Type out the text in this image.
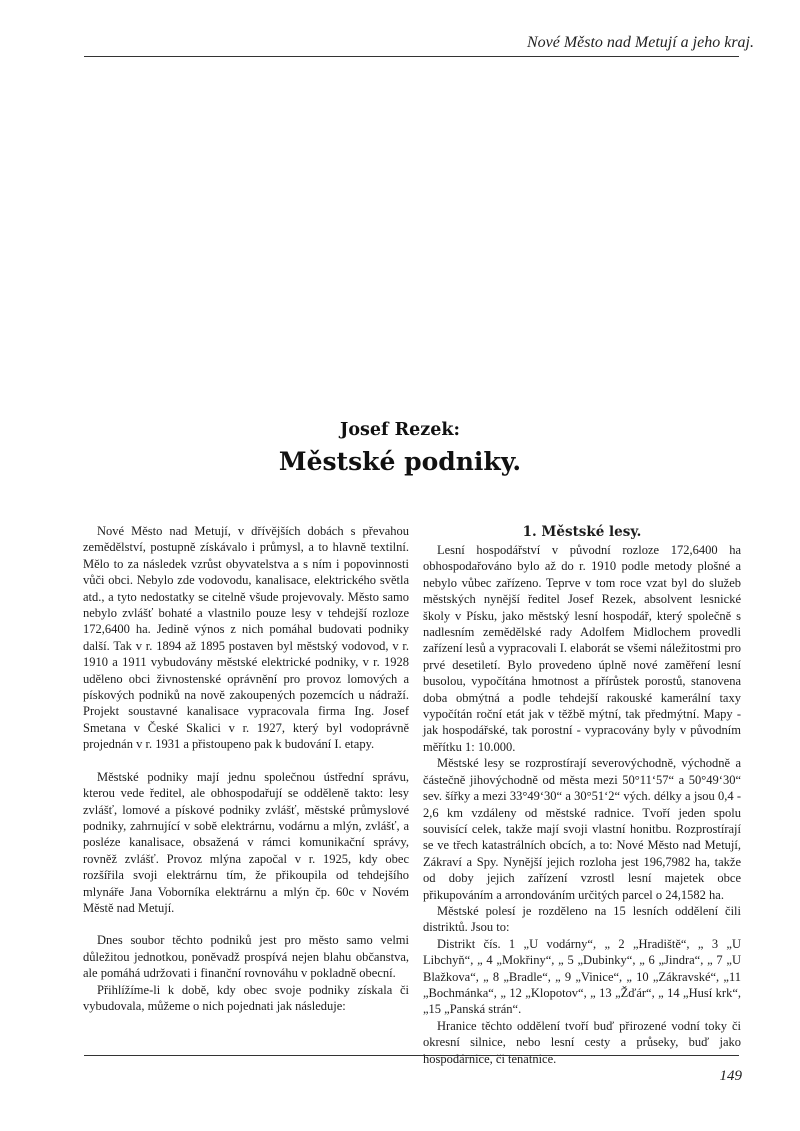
Nové Město nad Metují a jeho kraj.
Josef Rezek:
Městské podniky.

Nové Město nad Metují, v dřívějších dobách s převahou zemědělství, postupně získávalo i průmysl, a to hlavně textilní. Mělo to za následek vzrůst obyvatelstva a s ním i popovinnosti vůči obci. Nebylo zde vodovodu, kanalisace, elektrického světla atd., a tyto nedostatky se citelně všude projevovaly. Město samo nebylo zvlášť bohaté a vlastnilo pouze lesy v tehdejší rozloze 172,6400 ha. Jedině výnos z nich pomáhal budovati podniky další. Tak v r. 1894 až 1895 postaven byl městský vodovod, v r. 1910 a 1911 vybudovány městské elektrické podniky, v r. 1928 uděleno obci živnostenské oprávnění pro provoz lomových a pískových podniků na nově zakoupených pozemcích u nádraží. Projekt soustavné kanalisace vypracovala firma Ing. Josef Smetana v České Skalici v r. 1927, který byl vodoprávně projednán v r. 1931 a přistoupeno pak k budování I. etapy.

Městské podniky mají jednu společnou ústřední správu, kterou vede ředitel, ale obhospodařují se odděleně takto: lesy zvlášť, lomové a pískové podniky zvlášť, městské průmyslové podniky, zahrnující v sobě elektrárnu, vodárnu a mlýn, zvlášť, a posléze kanalisace, obsažená v rámci komunikační správy, rovněž zvlášť. Provoz mlýna započal v r. 1925, kdy obec rozšířila svoji elektrárnu tím, že přikoupila od tehdejšího mlynáře Jana Voborníka elektrárnu a mlýn čp. 60c v Novém Městě nad Metují.

Dnes soubor těchto podniků jest pro město samo velmi důležitou jednotkou, poněvadž prospívá nejen blahu občanstva, ale pomáhá udržovati i finanční rovnováhu v pokladně obecní.

Přihlížíme-li k době, kdy obec svoje podniky získala či vybudovala, můžeme o nich pojednati jak následuje:

1. Městské lesy.

Lesní hospodářství v původní rozloze 172,6400 ha obhospodařováno bylo až do r. 1910 podle metody plošné a nebylo vůbec zařízeno. Teprve v tom roce vzat byl do služeb městských nynější ředitel Josef Rezek, absolvent lesnické školy v Písku, jako městský lesní hospodář, který společně s nadlesním zemědělské rady Adolfem Midlochem provedli zařízení lesů a vypracovali I. elaborát se všemi náležitostmi pro prvé desetiletí. Bylo provedeno úplně nové zaměření lesní busolou, vypočítána hmotnost a přírůstek porostů, stanovena doba obmýtná a podle tehdejší rakouské kamerální taxy vypočítán roční etát jak v těžbě mýtní, tak předmýtní. Mapy - jak hospodářské, tak porostní - vypracovány byly v původním měřítku 1: 10.000.

Městské lesy se rozprostírají severovýchodně, východně a částečně jihovýchodně od města mezi 50°11‘57“ a 50°49‘30“ sev. šířky a mezi 33°49‘30“ a 30°51‘2“ vých. délky a jsou 0,4 - 2,6 km vzdáleny od městské radnice. Tvoří jeden spolu souvisící celek, takže mají svoji vlastní honitbu. Rozprostírají se ve třech katastrálních obcích, a to: Nové Město nad Metují, Zákraví a Spy. Nynější jejich rozloha jest 196,7982 ha, takže od doby jejich zařízení vzrostl lesní majetek obce přikupováním a arrondováním určitých parcel o 24,1582 ha.

Městské polesí je rozděleno na 15 lesních oddělení čili distriktů. Jsou to:

Distrikt čís. 1 „U vodárny“, „ 2 „Hradiště“, „ 3 „U Libchyň“, „ 4 „Mokřiny“, „ 5 „Dubinky“, „ 6 „Jindra“, „ 7 „U Blažkova“, „ 8 „Bradle“, „ 9 „Vinice“, „ 10 „Zákravské“, „11 „Bochmánka“, „ 12 „Klopotov“, „ 13 „Žďár“, „ 14 „Husí krk“, „15 „Panská strán“.

Hranice těchto oddělení tvoří buď přirozené vodní toky či okresní silnice, nebo lesní cesty a průseky, buď jako hospodárnice, či tenatnice.

149
